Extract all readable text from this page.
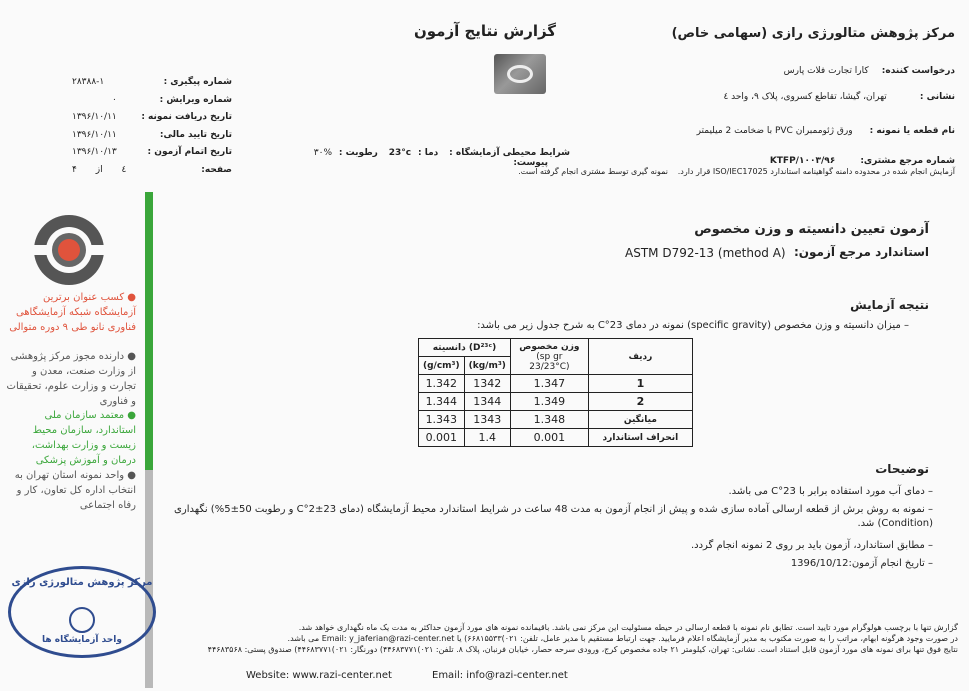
گزارش نتایج آزمون	مرکز پژوهش متالورژی رازی (سهامی خاص)
درخواست کننده: کارا تجارت فلات پارس
نشانی : تهران، گیشا، تقاطع کسروی، پلاک ۹، واحد ٤
نام قطعه یا نمونه : ورق ژئوممبران PVC با ضخامت 2 میلیمتر
شماره مرجع مشتری: ۱۰۰۳/۹۶/KTFP
آزمایش انجام شده در محدوده دامنه گواهینامه استاندارد ISO/IEC17025 قرار دارد.
نمونه گیری توسط مشتری انجام گرفته است.
شرایط محیطی آزمایشگاه : دما : 23°c رطوبت : %۳۰ پیوست:
۲۸۳۸۸-۱	شماره پیگیری :
۰	شماره ویرایش :
۱۳۹۶/۱۰/۱۱	تاریخ دریافت نمونه :
۱۳۹۶/۱۰/۱۱	تاریخ تایید مالی:
۱۳۹۶/۱۰/۱۳	تاریخ اتمام آزمون :
٤ از ۴	صفحه:
● کسب عنوان برترین آزمایشگاه شبکه آزمایشگاهی فناوری نانو طی ۹ دوره متوالی
● دارنده مجوز مرکز پژوهشی از وزارت صنعت، معدن و تجارت و وزارت علوم، تحقیقات و فناوری
● معتمد سازمان ملی استاندارد، سازمان محیط زیست و وزارت بهداشت، درمان و آموزش پزشکی
● واحد نمونه استان تهران به انتخاب اداره کل تعاون، کار و رفاه اجتماعی
مرکز پژوهش متالورژی رازی
واحد آزمایشگاه ها
آزمون تعیین دانسیته و وزن مخصوص
استاندارد مرجع آزمون:
ASTM D792-13 (method A)
نتیجه آزمایش
– میزان دانسیته و وزن مخصوص (specific gravity) نمونه در دمای 23°C به شرح جدول زیر می باشد:
دانسیته (D²³ᶜ)		وزن مخصوص
(sp gr 23/23°C)	ردیف
(g/cm³)	(kg/m³)		
1.342	1342	1.347	1
1.344	1344	1.349	2
1.343	1343	1.348	میانگین
0.001	1.4	0.001	انحراف استاندارد
توضیحات
– دمای آب مورد استفاده برابر با 23°C می باشد.
– نمونه به روش برش از قطعه ارسالی آماده سازی شده و پیش از انجام آزمون به مدت 48 ساعت در شرایط استاندارد محیط آزمایشگاه (دمای 23±2°C و رطوبت 50±5%) نگهداری (Condition) شد.
– مطابق استاندارد، آزمون باید بر روی 2 نمونه انجام گردد.
– تاریخ انجام آزمون:1396/10/12
گزارش تنها با برچسب هولوگرام مورد تایید است. تطابق نام نمونه با قطعه ارسالی در حیطه مسئولیت این مرکز نمی باشد. باقیمانده نمونه های مورد آزمون حداکثر به مدت یک ماه نگهداری خواهد شد.
در صورت وجود هرگونه ابهام، مراتب را به صورت مکتوب به مدیر آزمایشگاه اعلام فرمایید. جهت ارتباط مستقیم با مدیر عامل، تلفن: ۰۲۱)۶۶۸۱۵۵۳۳) یا Email: y_jaferian@razi-center.net می باشد.
نتایج فوق تنها برای نمونه های مورد آزمون قابل استناد است. نشانی: تهران، کیلومتر ۲۱ جاده مخصوص کرج، ورودی سرحه حصار، خیابان فرنبان، پلاک ۸. تلفن: ۰۲۱)۴۴۶۸۳۷۷۱) دورنگار: ۰۲۱)۴۴۶۸۳۷۷۱) صندوق پستی: ۴۴۶۸۳۵۶۸
Website: www.razi-center.net	Email: info@razi-center.net
